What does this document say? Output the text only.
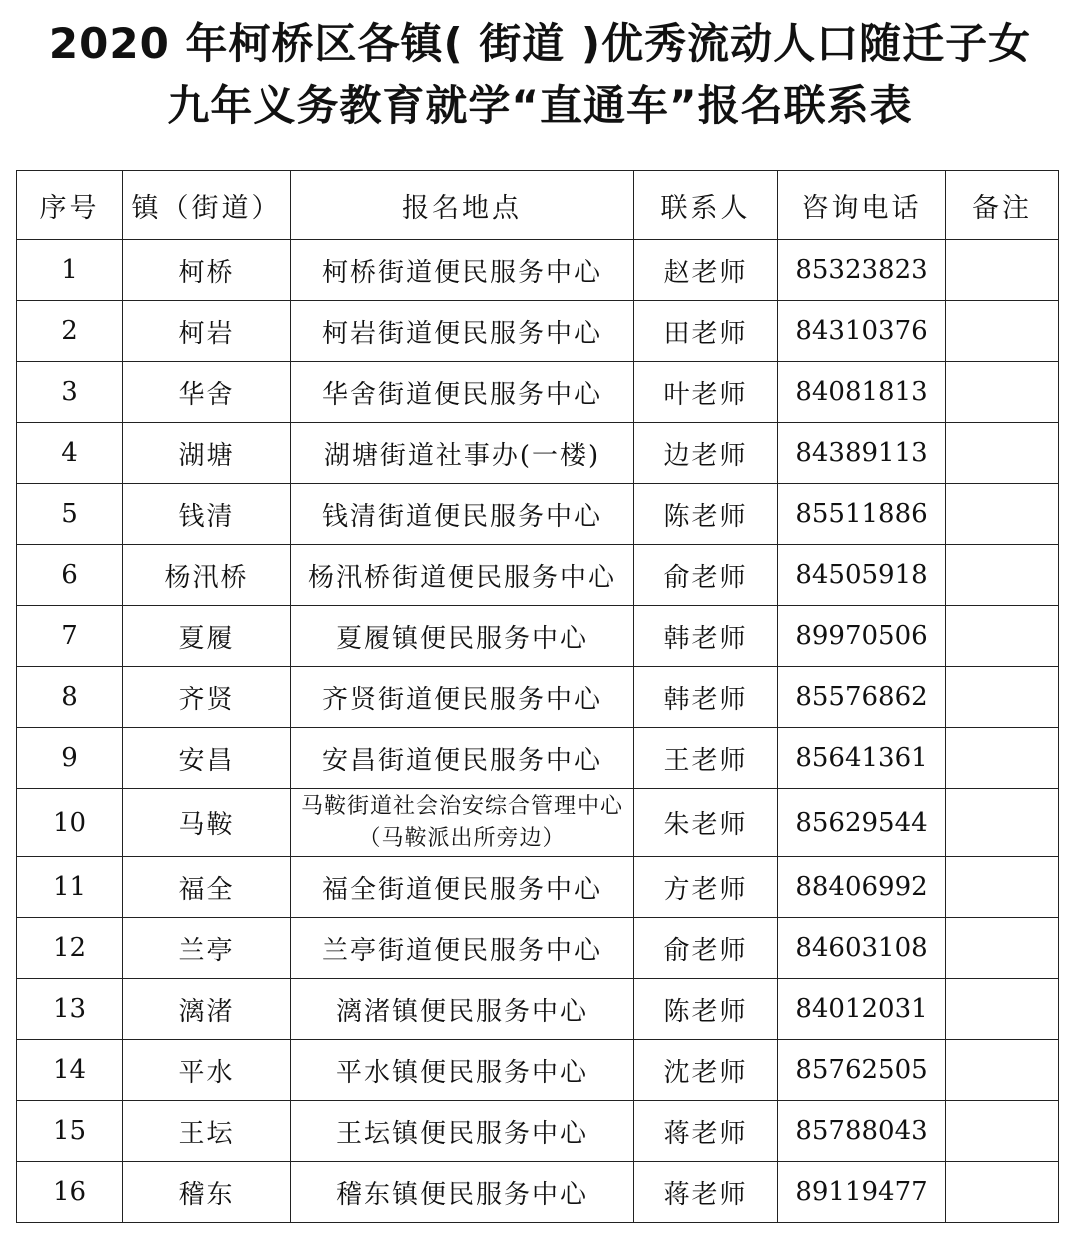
2020 年柯桥区各镇( 街道 )优秀流动人口随迁子女
九年义务教育就学“直通车”报名联系表
序号	镇（街道）	报名地点	联系人	咨询电话	备注
1	柯桥	柯桥街道便民服务中心	赵老师	85323823	
2	柯岩	柯岩街道便民服务中心	田老师	84310376	
3	华舍	华舍街道便民服务中心	叶老师	84081813	
4	湖塘	湖塘街道社事办(一楼)	边老师	84389113	
5	钱清	钱清街道便民服务中心	陈老师	85511886	
6	杨汛桥	杨汛桥街道便民服务中心	俞老师	84505918	
7	夏履	夏履镇便民服务中心	韩老师	89970506	
8	齐贤	齐贤街道便民服务中心	韩老师	85576862	
9	安昌	安昌街道便民服务中心	王老师	85641361	
10	马鞍	马鞍街道社会治安综合管理中心（马鞍派出所旁边）	朱老师	85629544	
11	福全	福全街道便民服务中心	方老师	88406992	
12	兰亭	兰亭街道便民服务中心	俞老师	84603108	
13	漓渚	漓渚镇便民服务中心	陈老师	84012031	
14	平水	平水镇便民服务中心	沈老师	85762505	
15	王坛	王坛镇便民服务中心	蒋老师	85788043	
16	稽东	稽东镇便民服务中心	蒋老师	89119477	
